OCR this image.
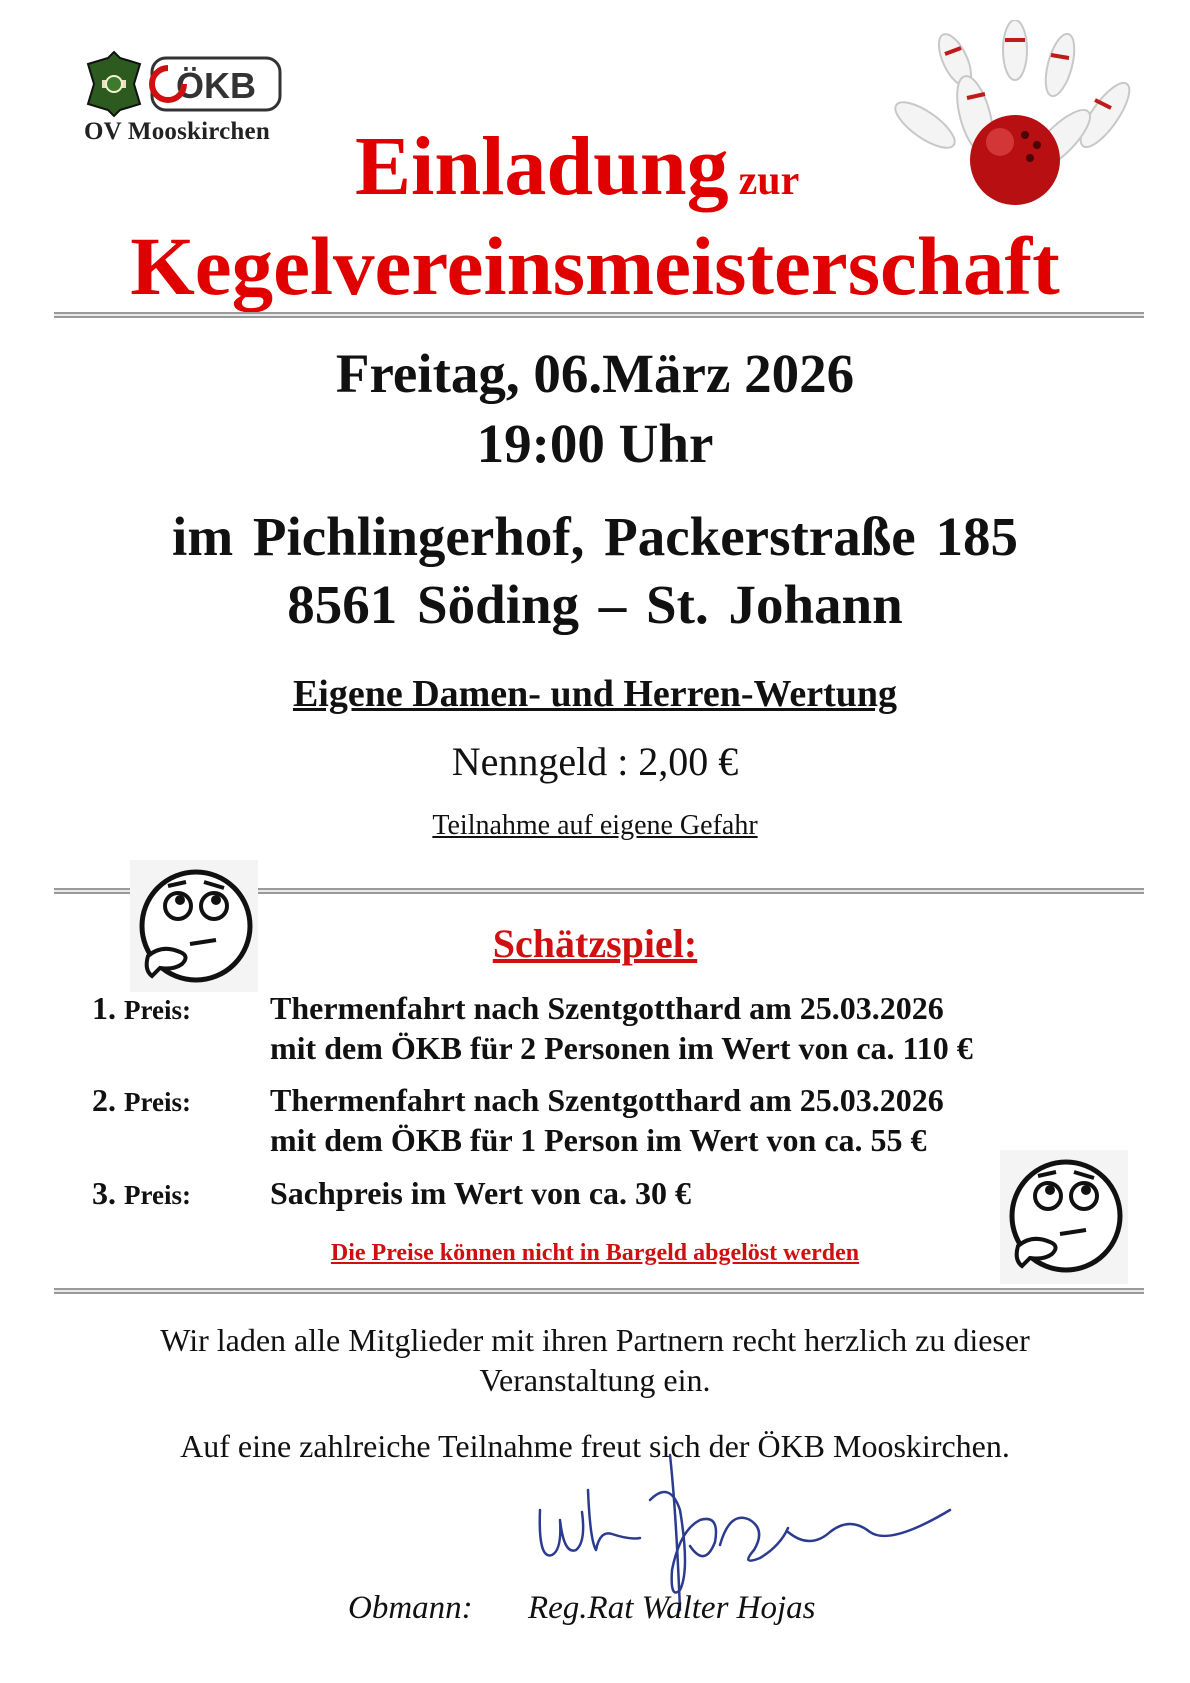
ÖKB
OV Mooskirchen Einladung zur
Kegelvereinsmeisterschaft
Freitag, 06.März 2026
19:00 Uhr
im Pichlingerhof, Packerstraße 185
8561 Söding – St. Johann
Eigene Damen- und Herren-Wertung
Nenngeld : 2,00 €
Teilnahme auf eigene Gefahr
Schätzspiel:
1. Preis: Thermenfahrt nach Szentgotthard am 25.03.2026
mit dem ÖKB für 2 Personen im Wert von ca. 110 €
2. Preis: Thermenfahrt nach Szentgotthard am 25.03.2026
mit dem ÖKB für 1 Person im Wert von ca. 55 €
3. Preis: Sachpreis im Wert von ca. 30 €
Die Preise können nicht in Bargeld abgelöst werden
Wir laden alle Mitglieder mit ihren Partnern recht herzlich zu dieser
Veranstaltung ein.
Auf eine zahlreiche Teilnahme freut sich der ÖKB Mooskirchen.
Obmann: Reg.Rat Walter Hojas
